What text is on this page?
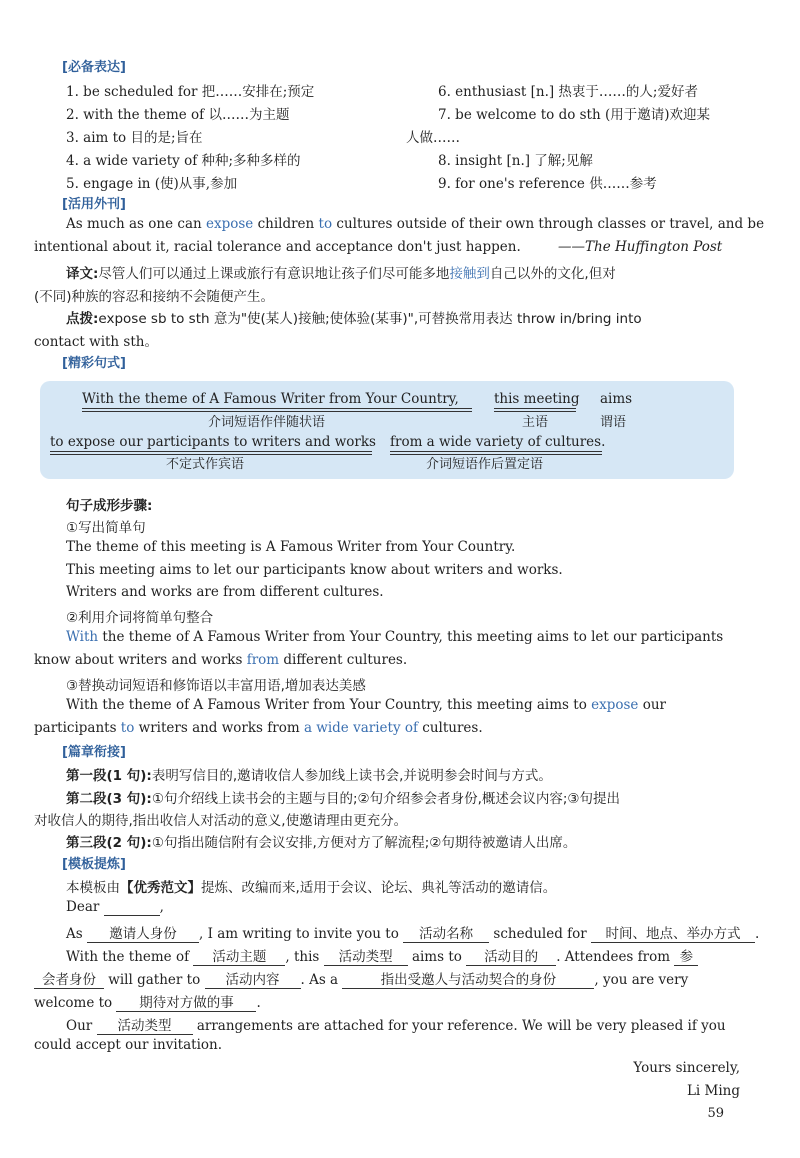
[必备表达]
1. be scheduled for 把……安排在;预定
2. with the theme of 以……为主题
3. aim to 目的是;旨在
4. a wide variety of 种种;多种多样的
5. engage in (使)从事,参加
6. enthusiast [n.] 热衷于……的人;爱好者
7. be welcome to do sth (用于邀请)欢迎某
人做……
8. insight [n.] 了解;见解
9. for one's reference 供……参考
[活用外刊]
As much as one can expose children to cultures outside of their own through classes or travel, and be
intentional about it, racial tolerance and acceptance don't just happen.	——The Huffington Post
译文:尽管人们可以通过上课或旅行有意识地让孩子们尽可能多地接触到自己以外的文化,但对
(不同)种族的容忍和接纳不会随便产生。
点拨:expose sb to sth 意为"使(某人)接触;使体验(某事)",可替换常用表达 throw in/bring into
contact with sth。
[精彩句式]
With the theme of A Famous Writer from Your Country,
介词短语作伴随状语
this meeting
主语
aims
谓语
to expose our participants to writers and works
不定式作宾语
from a wide variety of cultures.
介词短语作后置定语
句子成形步骤:
①写出简单句
The theme of this meeting is A Famous Writer from Your Country.
This meeting aims to let our participants know about writers and works.
Writers and works are from different cultures.
②利用介词将简单句整合
With the theme of A Famous Writer from Your Country, this meeting aims to let our participants
know about writers and works from different cultures.
③替换动词短语和修饰语以丰富用语,增加表达美感
With the theme of A Famous Writer from Your Country, this meeting aims to expose our
participants to writers and works from a wide variety of cultures.
[篇章衔接]
第一段(1 句):表明写信目的,邀请收信人参加线上读书会,并说明参会时间与方式。
第二段(3 句):①句介绍线上读书会的主题与目的;②句介绍参会者身份,概述会议内容;③句提出
对收信人的期待,指出收信人对活动的意义,使邀请理由更充分。
第三段(2 句):①句指出随信附有会议安排,方便对方了解流程;②句期待被邀请人出席。
[模板提炼]
本模板由【优秀范文】提炼、改编而来,适用于会议、论坛、典礼等活动的邀请信。
Dear	,
As 邀请人身份 , I am writing to invite you to 活动名称 scheduled for 时间、地点、举办方式 .
With the theme of 活动主题 , this 活动类型 aims to 活动目的 . Attendees from 参
会者身份 will gather to 活动内容 . As a	指出受邀人与活动契合的身份	, you are very
welcome to 期待对方做的事 .
Our 活动类型 arrangements are attached for your reference. We will be very pleased if you
could accept our invitation.
Yours sincerely,
Li Ming
59
